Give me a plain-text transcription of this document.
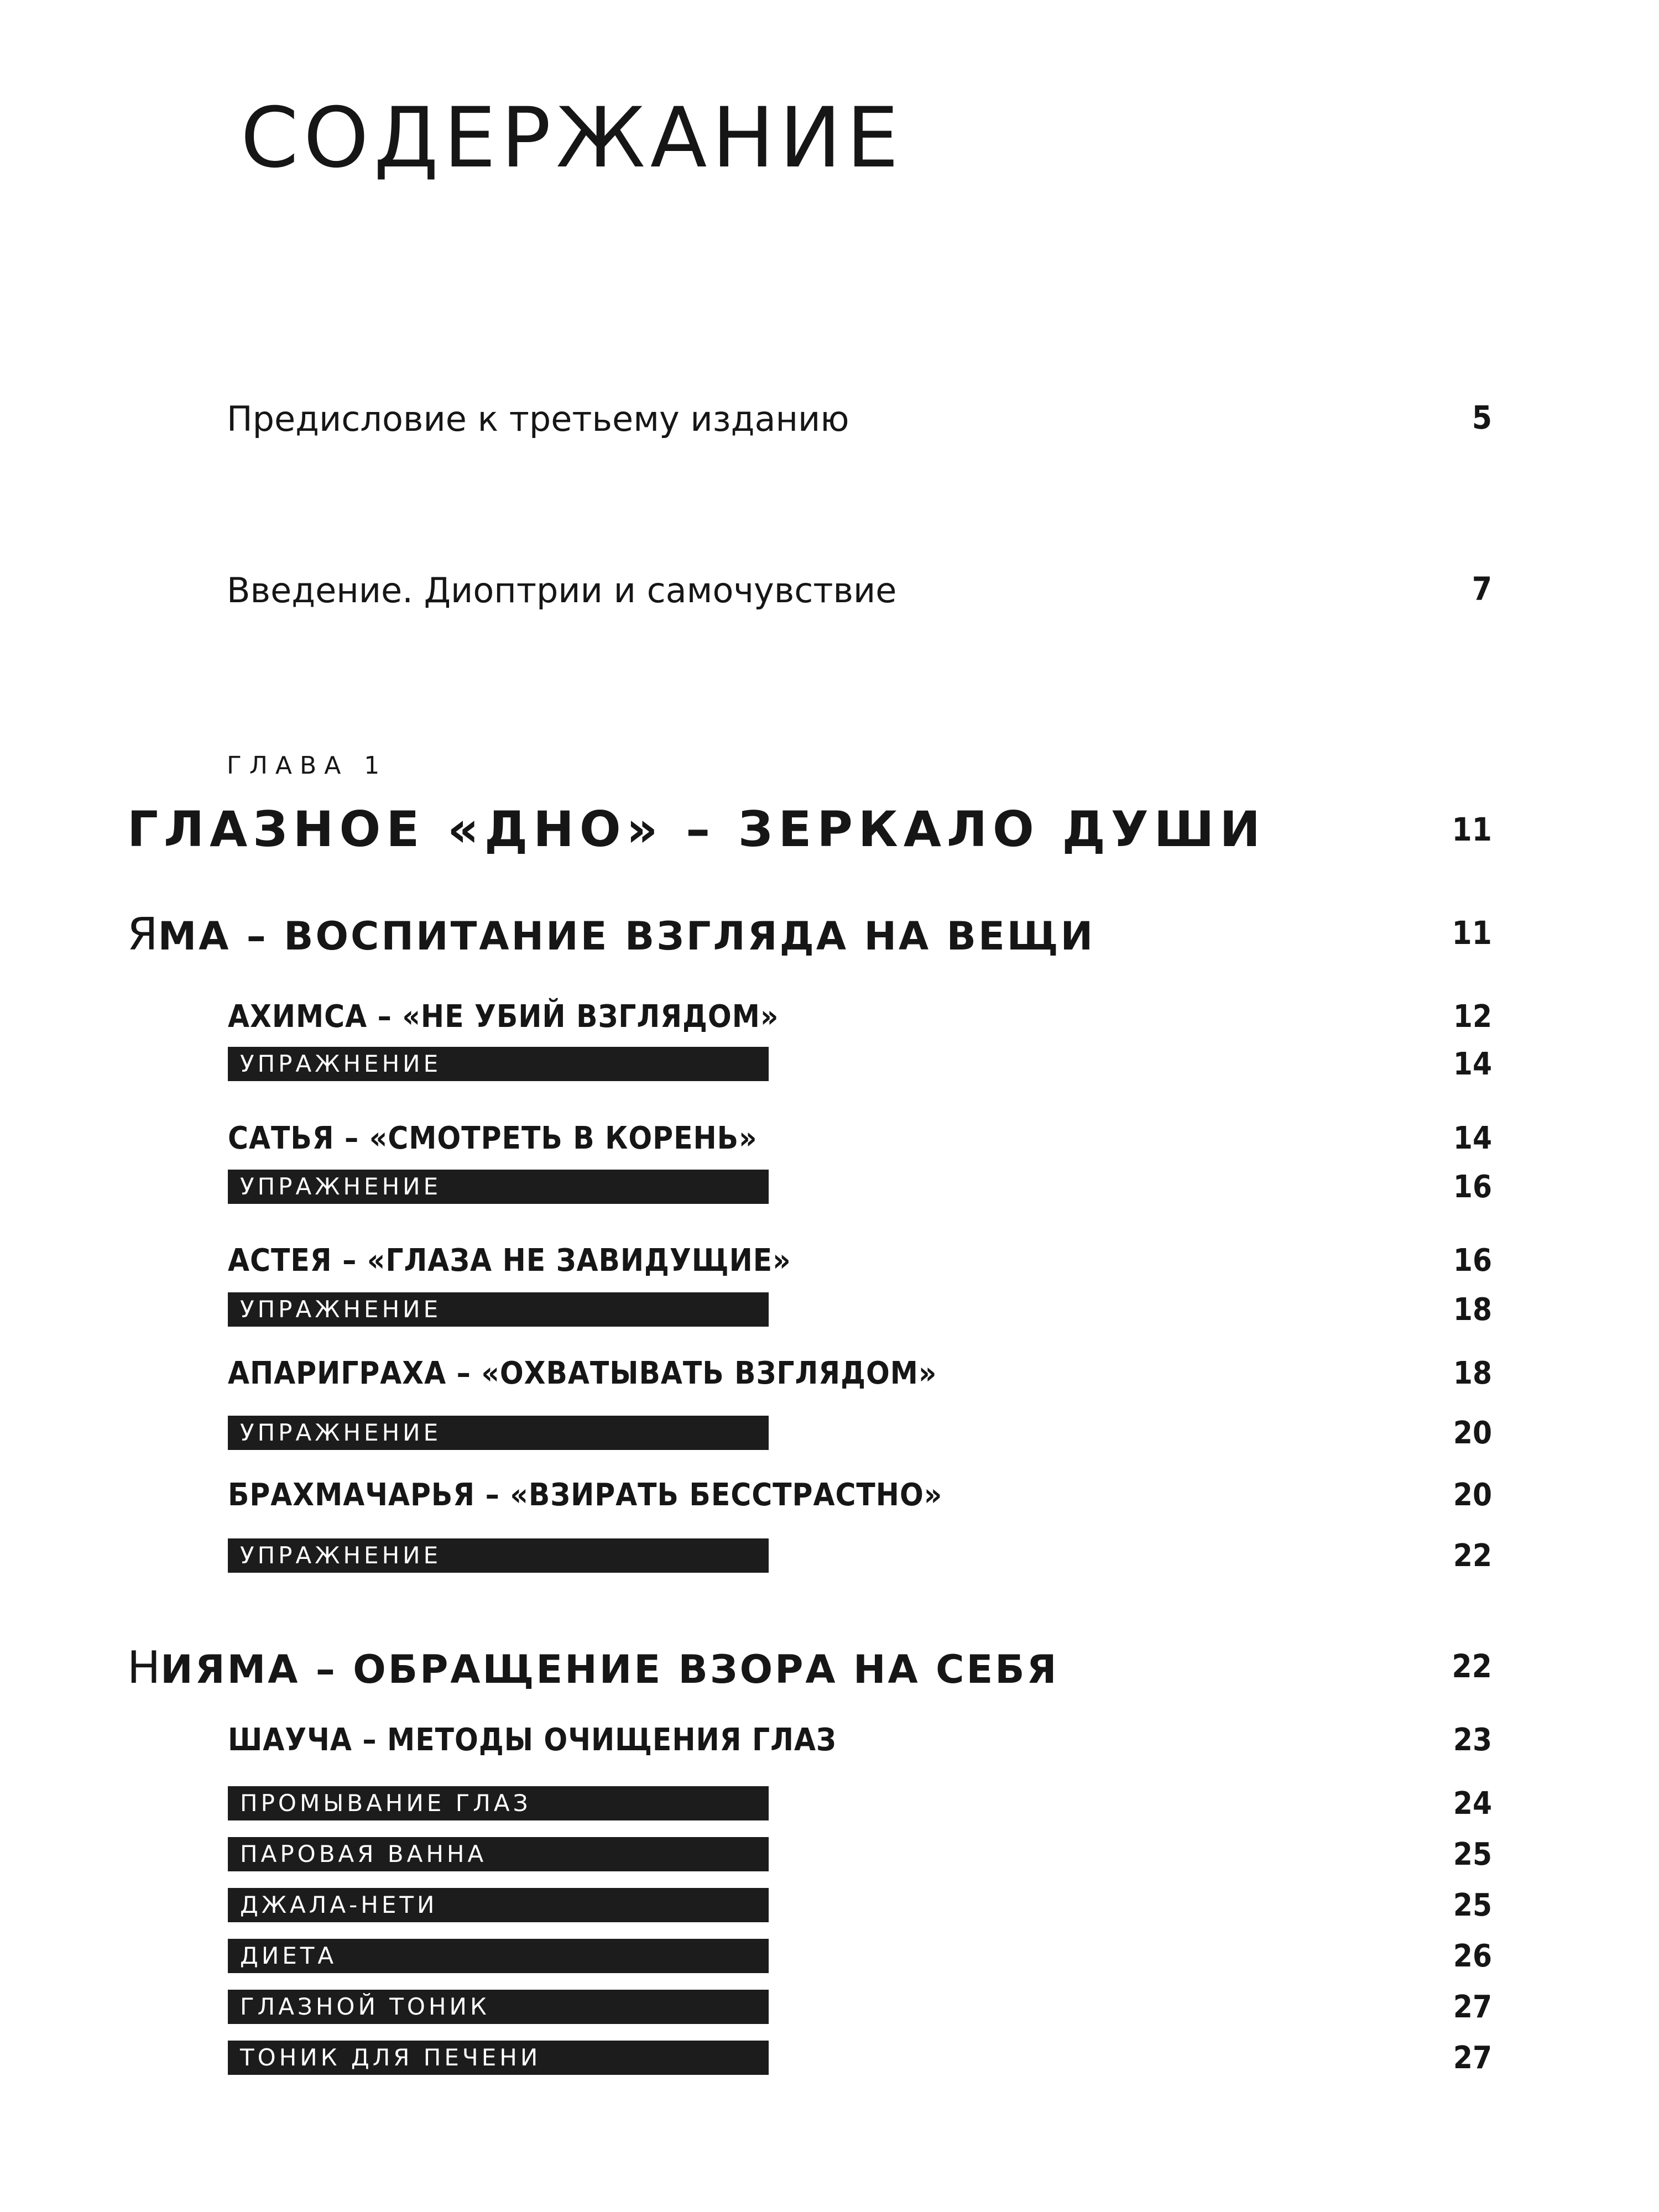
СОДЕРЖАНИЕ
Предисловие к третьему изданию	5
Введение. Диоптрии и самочувствие	7
ГЛАВА 1
ГЛАЗНОЕ «ДНО» – ЗЕРКАЛО ДУШИ	11
ЯМА – ВОСПИТАНИЕ ВЗГЛЯДА НА ВЕЩИ	11
АХИМСА – «НЕ УБИЙ ВЗГЛЯДОМ»	12
УПРАЖНЕНИЕ	14
САТЬЯ – «СМОТРЕТЬ В КОРЕНЬ»	14
УПРАЖНЕНИЕ	16
АСТЕЯ – «ГЛАЗА НЕ ЗАВИДУЩИЕ»	16
УПРАЖНЕНИЕ	18
АПАРИГРАХА – «ОХВАТЫВАТЬ ВЗГЛЯДОМ»	18
УПРАЖНЕНИЕ	20
БРАХМАЧАРЬЯ – «ВЗИРАТЬ БЕССТРАСТНО»	20
УПРАЖНЕНИЕ	22
НИЯМА – ОБРАЩЕНИЕ ВЗОРА НА СЕБЯ	22
ШАУЧА – МЕТОДЫ ОЧИЩЕНИЯ ГЛАЗ	23
ПРОМЫВАНИЕ ГЛАЗ	24
ПАРОВАЯ ВАННА	25
ДЖАЛА-НЕТИ	25
ДИЕТА	26
ГЛАЗНОЙ ТОНИК	27
ТОНИК ДЛЯ ПЕЧЕНИ	27
